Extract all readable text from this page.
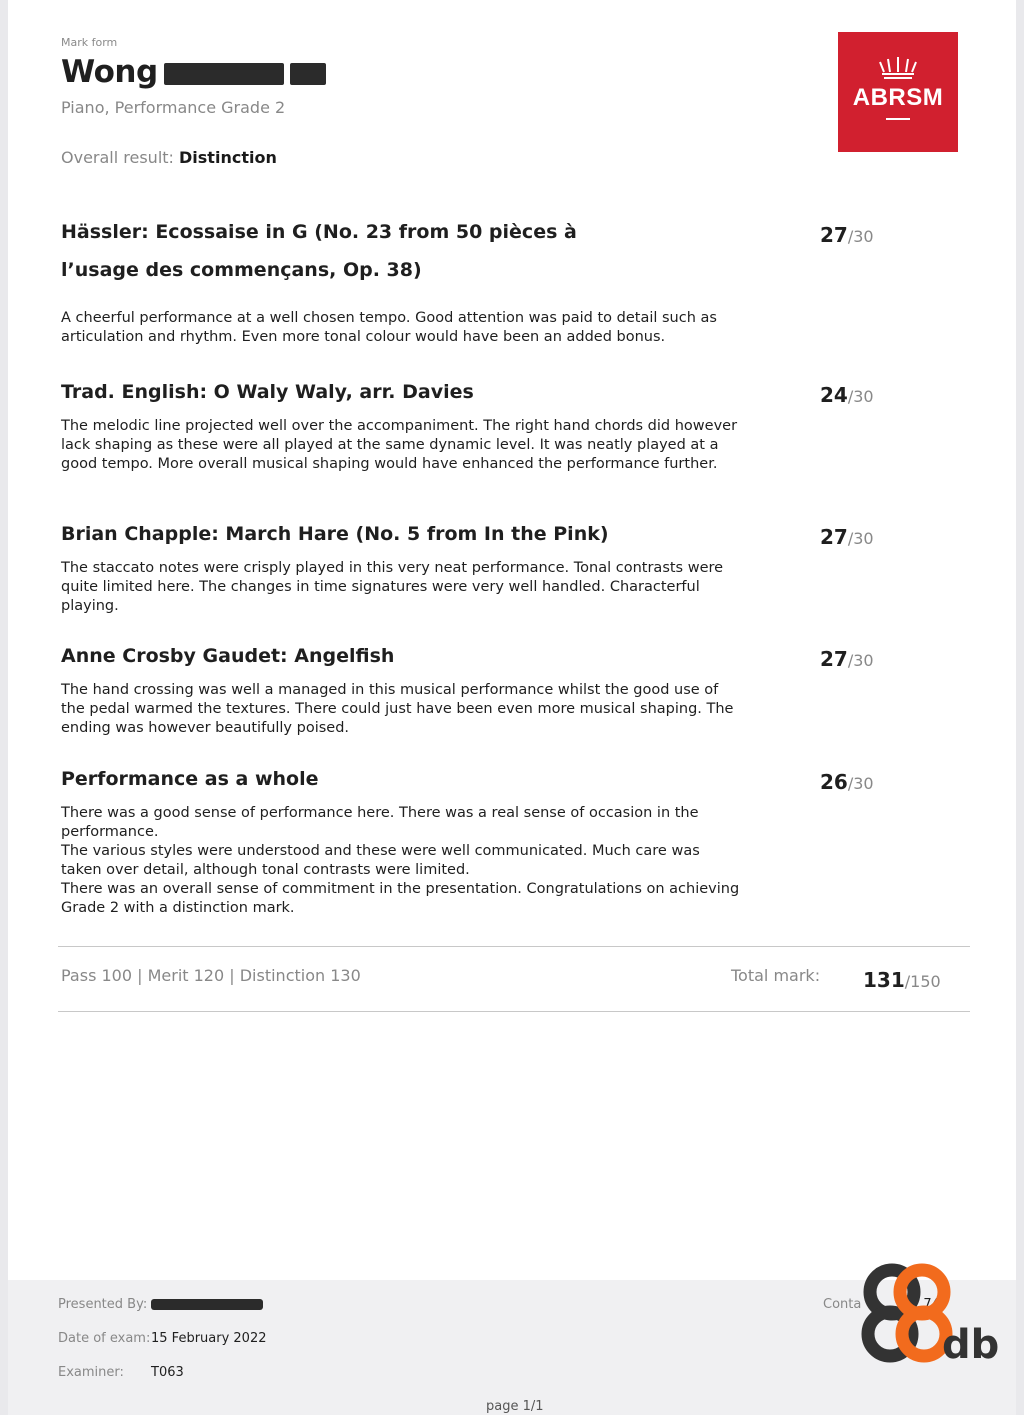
Mark form
Wong
Piano, Performance Grade 2
Overall result: Distinction
ABRSM
Hässler: Ecossaise in G (No. 23 from 50 pièces à l’usage des commençans, Op. 38)
A cheerful performance at a well chosen tempo. Good attention was paid to detail such as articulation and rhythm. Even more tonal colour would have been an added bonus.
27/30
Trad. English: O Waly Waly, arr. Davies
The melodic line projected well over the accompaniment. The right hand chords did however lack shaping as these were all played at the same dynamic level. It was neatly played at a good tempo. More overall musical shaping would have enhanced the performance further.
24/30
Brian Chapple: March Hare (No. 5 from In the Pink)
The staccato notes were crisply played in this very neat performance. Tonal contrasts were quite limited here. The changes in time signatures were very well handled. Characterful playing.
27/30
Anne Crosby Gaudet: Angelfish
The hand crossing was well a managed in this musical performance whilst the good use of the pedal warmed the textures. There could just have been even more musical shaping. The ending was however beautifully poised.
27/30
Performance as a whole
There was a good sense of performance here. There was a real sense of occasion in the performance.
The various styles were understood and these were well communicated. Much care was taken over detail, although tonal contrasts were limited.
There was an overall sense of commitment in the presentation. Congratulations on achieving Grade 2 with a distinction mark.
26/30
Pass 100 | Merit 120 | Distinction 130	Total mark: 131/150
Presented By:
Date of exam: 15 February 2022
Examiner: T063
Conta	747
page 1/1
db
